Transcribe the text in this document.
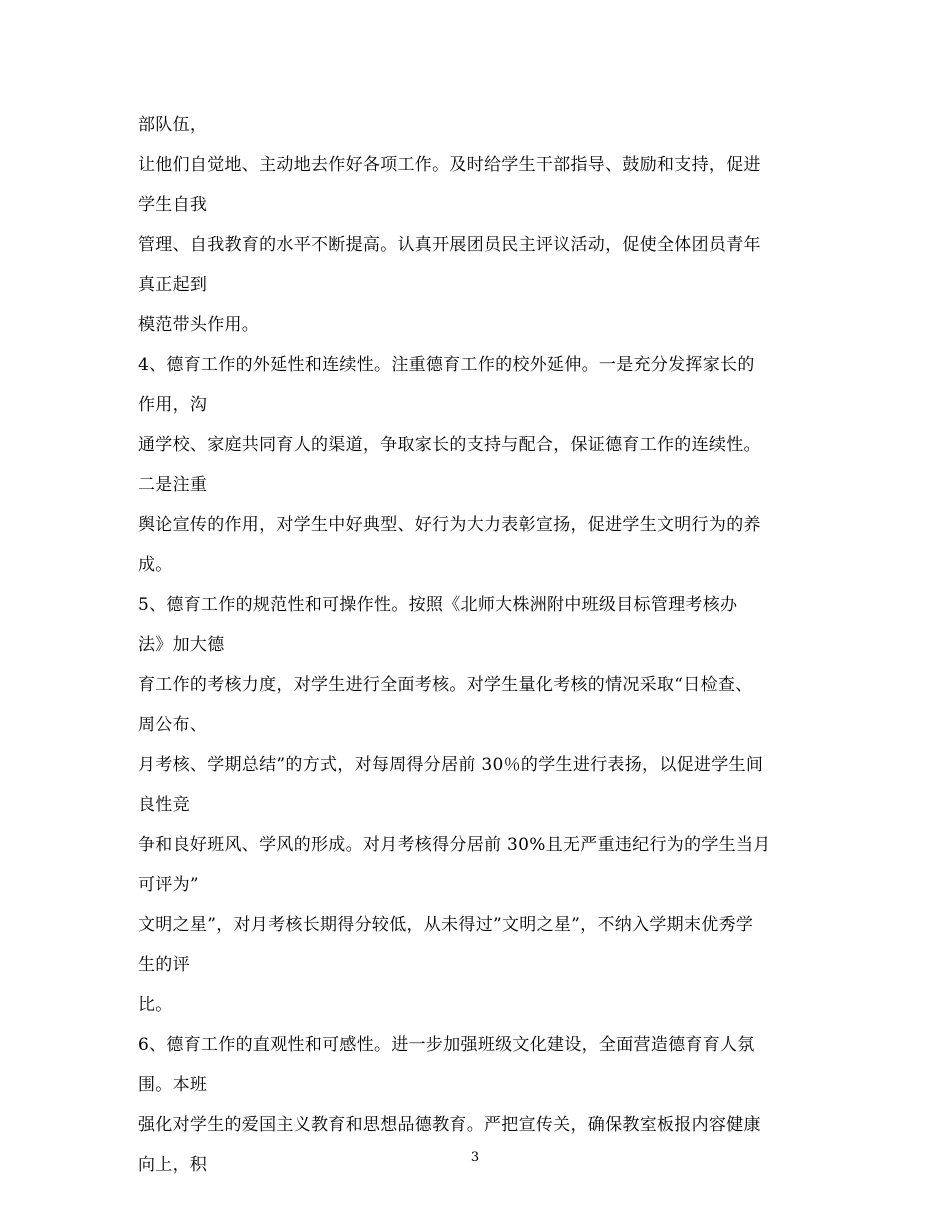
部队伍，
让他们自觉地、主动地去作好各项工作。及时给学生干部指导、鼓励和支持，促进
学生自我
管理、自我教育的水平不断提高。认真开展团员民主评议活动，促使全体团员青年
真正起到
模范带头作用。
4、德育工作的外延性和连续性。注重德育工作的校外延伸。一是充分发挥家长的
作用，沟
通学校、家庭共同育人的渠道，争取家长的支持与配合，保证德育工作的连续性。
二是注重
舆论宣传的作用，对学生中好典型、好行为大力表彰宣扬，促进学生文明行为的养
成。
5、德育工作的规范性和可操作性。按照《北师大株洲附中班级目标管理考核办
法》加大德
育工作的考核力度，对学生进行全面考核。对学生量化考核的情况采取“日检查、
周公布、
月考核、学期总结”的方式，对每周得分居前 30％的学生进行表扬，以促进学生间
良性竞
争和良好班风、学风的形成。对月考核得分居前 30%且无严重违纪行为的学生当月
可评为”
文明之星”，对月考核长期得分较低，从未得过”文明之星”，不纳入学期末优秀学
生的评
比。
6、德育工作的直观性和可感性。进一步加强班级文化建设，全面营造德育育人氛
围。本班
强化对学生的爱国主义教育和思想品德教育。严把宣传关，确保教室板报内容健康
向上，积	3
